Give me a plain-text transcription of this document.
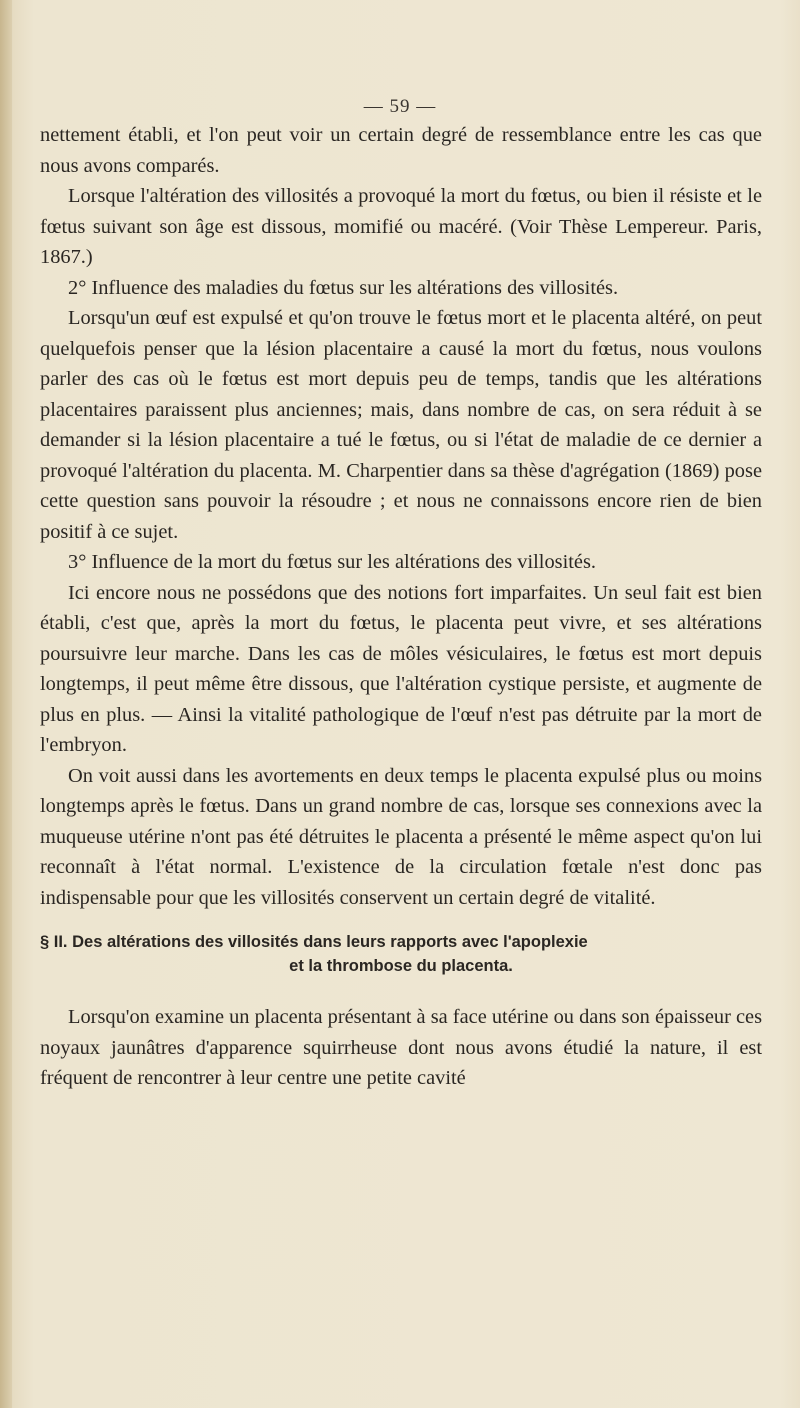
— 59 —

nettement établi, et l'on peut voir un certain degré de ressemblance entre les cas que nous avons comparés.

Lorsque l'altération des villosités a provoqué la mort du fœtus, ou bien il résiste et le fœtus suivant son âge est dissous, momifié ou macéré. (Voir Thèse Lempereur. Paris, 1867.)

2° Influence des maladies du fœtus sur les altérations des villosités.

Lorsqu'un œuf est expulsé et qu'on trouve le fœtus mort et le placenta altéré, on peut quelquefois penser que la lésion placentaire a causé la mort du fœtus, nous voulons parler des cas où le fœtus est mort depuis peu de temps, tandis que les altérations placentaires paraissent plus anciennes; mais, dans nombre de cas, on sera réduit à se demander si la lésion placentaire a tué le fœtus, ou si l'état de maladie de ce dernier a provoqué l'altération du placenta. M. Charpentier dans sa thèse d'agrégation (1869) pose cette question sans pouvoir la résoudre ; et nous ne connaissons encore rien de bien positif à ce sujet.

3° Influence de la mort du fœtus sur les altérations des villosités.

Ici encore nous ne possédons que des notions fort imparfaites. Un seul fait est bien établi, c'est que, après la mort du fœtus, le placenta peut vivre, et ses altérations poursuivre leur marche. Dans les cas de môles vésiculaires, le fœtus est mort depuis longtemps, il peut même être dissous, que l'altération cystique persiste, et augmente de plus en plus. — Ainsi la vitalité pathologique de l'œuf n'est pas détruite par la mort de l'embryon.

On voit aussi dans les avortements en deux temps le placenta expulsé plus ou moins longtemps après le fœtus. Dans un grand nombre de cas, lorsque ses connexions avec la muqueuse utérine n'ont pas été détruites le placenta a présenté le même aspect qu'on lui reconnaît à l'état normal. L'existence de la circulation fœtale n'est donc pas indispensable pour que les villosités conservent un certain degré de vitalité.

§ II. Des altérations des villosités dans leurs rapports avec l'apoplexie
et la thrombose du placenta.

Lorsqu'on examine un placenta présentant à sa face utérine ou dans son épaisseur ces noyaux jaunâtres d'apparence squirrheuse dont nous avons étudié la nature, il est fréquent de rencontrer à leur centre une petite cavité
